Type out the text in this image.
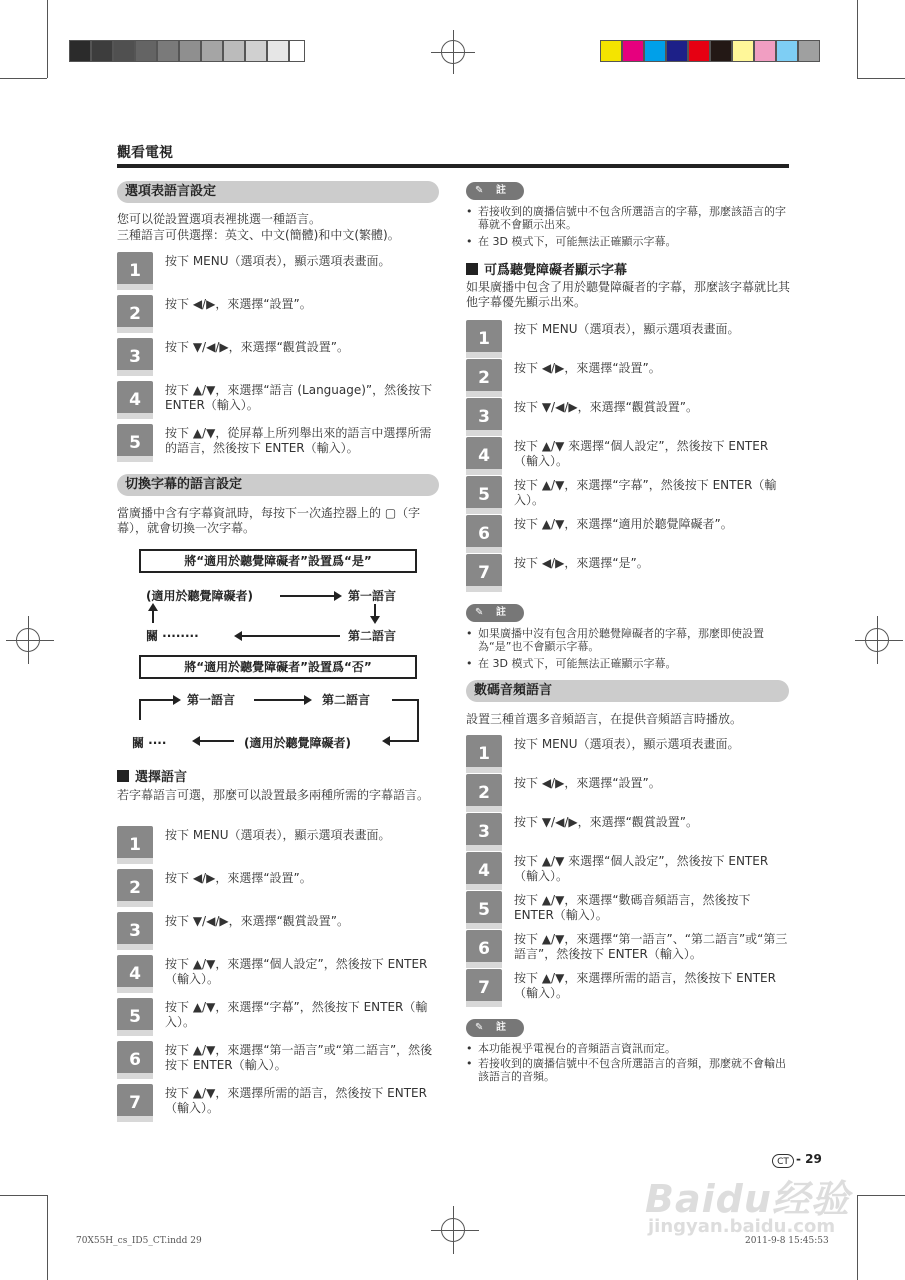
觀看電視
選項表語言設定
您可以從設置選項表裡挑選一種語言。
三種語言可供選擇：英文、中文(簡體)和中文(繁體)。
1	按下 MENU（選項表），顯示選項表畫面。
2	按下 ◀/▶，來選擇“設置”。
3	按下 ▼/◀/▶，來選擇“觀賞設置”。
4	按下 ▲/▼，來選擇“語言 (Language)”，然後按下 ENTER（輸入）。
5	按下 ▲/▼，從屏幕上所列舉出來的語言中選擇所需的語言，然後按下 ENTER（輸入）。
切換字幕的語言設定
當廣播中含有字幕資訊時，每按下一次遙控器上的 ▢（字幕），就會切換一次字幕。
將“適用於聽覺障礙者”設置爲“是”
(適用於聽覺障礙者)	第一語言
關 ········	第二語言
將“適用於聽覺障礙者”設置爲“否”
第一語言	第二語言
(適用於聽覺障礙者)
關 ····
選擇語言
若字幕語言可選，那麼可以設置最多兩種所需的字幕語言。
1	按下 MENU（選項表），顯示選項表畫面。
2	按下 ◀/▶，來選擇“設置”。
3	按下 ▼/◀/▶，來選擇“觀賞設置”。
4	按下 ▲/▼，來選擇“個人設定”，然後按下 ENTER（輸入）。
5	按下 ▲/▼，來選擇“字幕”，然後按下 ENTER（輸入）。
6	按下 ▲/▼，來選擇“第一語言”或“第二語言”，然後按下 ENTER（輸入）。
7	按下 ▲/▼，來選擇所需的語言，然後按下 ENTER（輸入）。
✎ 註
• 若接收到的廣播信號中不包含所選語言的字幕，那麼該語言的字幕就不會顯示出來。
• 在 3D 模式下，可能無法正確顯示字幕。
可爲聽覺障礙者顯示字幕
如果廣播中包含了用於聽覺障礙者的字幕，那麼該字幕就比其他字幕優先顯示出來。
1	按下 MENU（選項表），顯示選項表畫面。
2	按下 ◀/▶，來選擇“設置”。
3	按下 ▼/◀/▶，來選擇“觀賞設置”。
4	按下 ▲/▼ 來選擇“個人設定”，然後按下 ENTER（輸入）。
5	按下 ▲/▼，來選擇“字幕”，然後按下 ENTER（輸入）。
6	按下 ▲/▼，來選擇“適用於聽覺障礙者”。
7	按下 ◀/▶，來選擇“是”。
✎ 註
• 如果廣播中沒有包含用於聽覺障礙者的字幕，那麼即使設置為“是”也不會顯示字幕。
• 在 3D 模式下，可能無法正確顯示字幕。
數碼音頻語言
設置三種首選多音頻語言，在提供音頻語言時播放。
1	按下 MENU（選項表），顯示選項表畫面。
2	按下 ◀/▶，來選擇“設置”。
3	按下 ▼/◀/▶，來選擇“觀賞設置”。
4	按下 ▲/▼ 來選擇“個人設定”，然後按下 ENTER（輸入）。
5	按下 ▲/▼，來選擇“數碼音頻語言，然後按下 ENTER（輸入）。
6	按下 ▲/▼，來選擇“第一語言”、“第二語言”或“第三語言”，然後按下 ENTER（輸入）。
7	按下 ▲/▼，來選擇所需的語言，然後按下 ENTER（輸入）。
✎ 註
• 本功能視乎電視台的音頻語言資訊而定。
• 若接收到的廣播信號中不包含所選語言的音頻，那麼就不會輸出該語言的音頻。
CT - 29
Baidu经验
jingyan.baidu.com
70X55H_cs_ID5_CT.indd 29	2011-9-8 15:45:53
